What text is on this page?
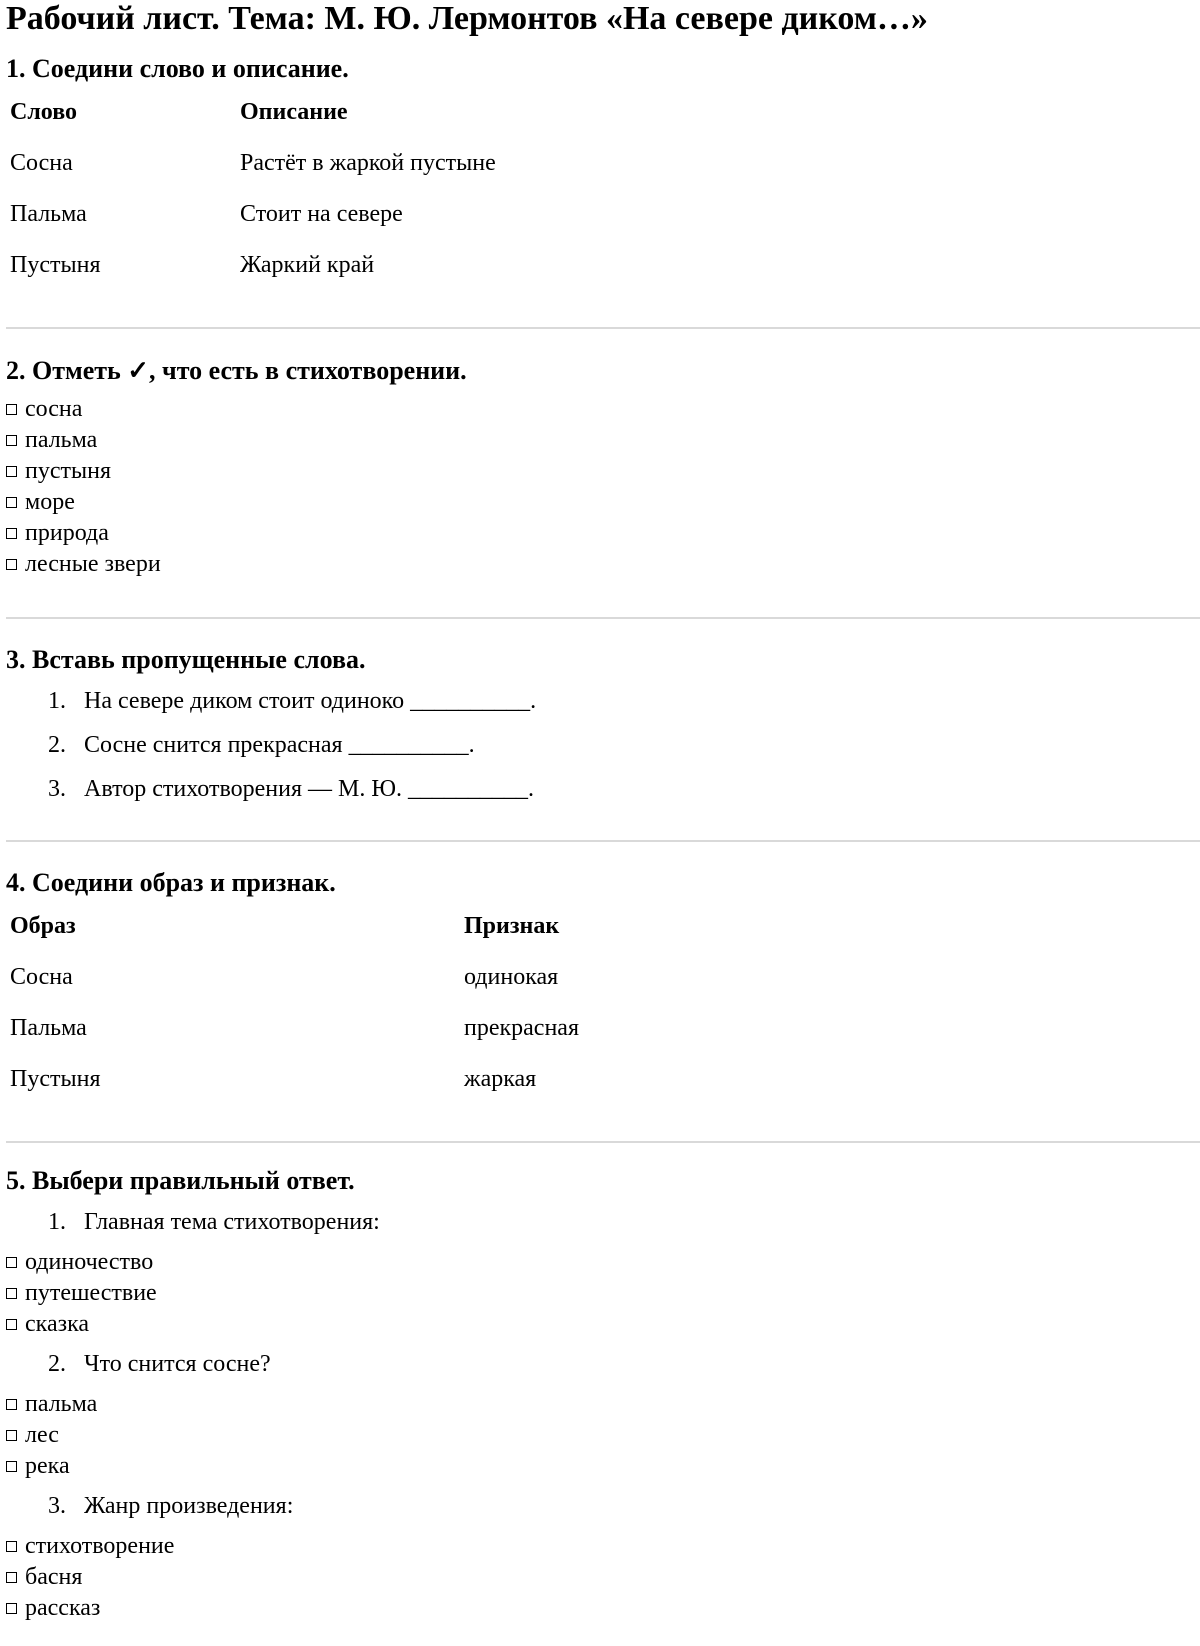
Рабочий лист. Тема: М. Ю. Лермонтов «На севере диком…»
1. Соедини слово и описание.
Слово	Описание
Сосна	Растёт в жаркой пустыне
Пальма	Стоит на севере
Пустыня	Жаркий край
2. Отметь ✓, что есть в стихотворении.
сосна
пальма
пустыня
море
природа
лесные звери
3. Вставь пропущенные слова.
1. На севере диком стоит одиноко __________.
2. Сосне снится прекрасная __________.
3. Автор стихотворения — М. Ю. __________.
4. Соедини образ и признак.
Образ	Признак
Сосна	одинокая
Пальма	прекрасная
Пустыня	жаркая
5. Выбери правильный ответ.
1. Главная тема стихотворения:
одиночество
путешествие
сказка
2. Что снится сосне?
пальма
лес
река
3. Жанр произведения:
стихотворение
басня
рассказ
